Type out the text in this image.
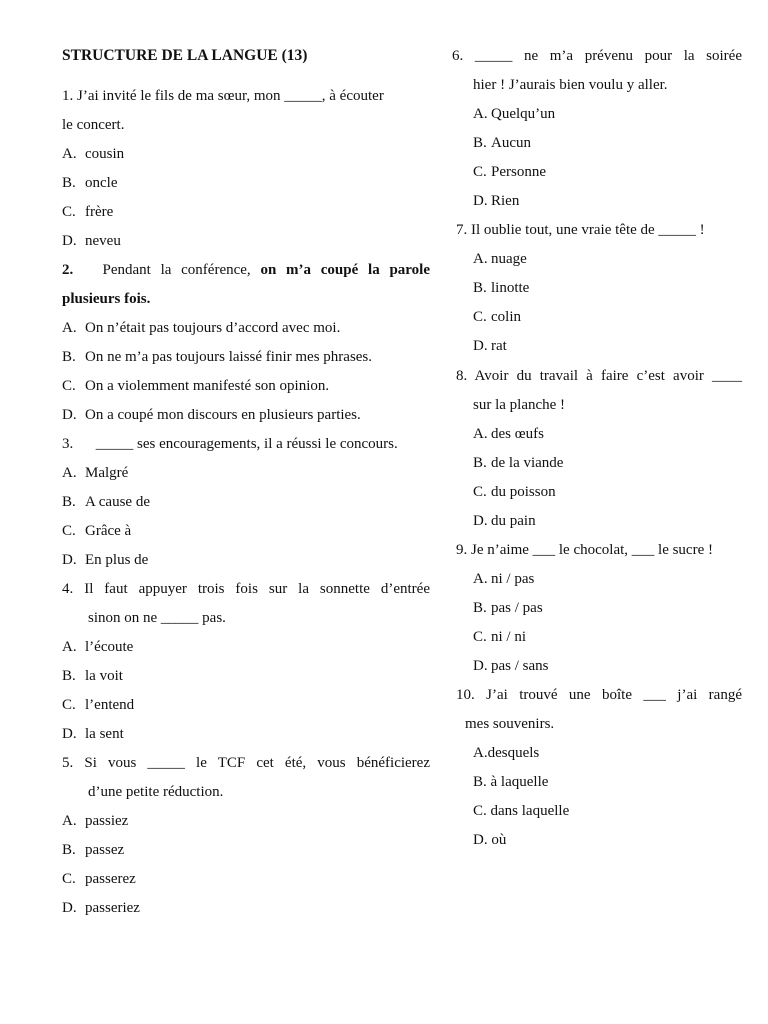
STRUCTURE DE LA LANGUE (13)
1. J’ai invité le fils de ma sœur, mon _____, à écouter
le concert.
A. cousin
B. oncle
C. frère
D. neveu
2. Pendant la conférence, on m’a coupé la parole
plusieurs fois.
A. On n’était pas toujours d’accord avec moi.
B. On ne m’a pas toujours laissé finir mes phrases.
C. On a violemment manifesté son opinion.
D. On a coupé mon discours en plusieurs parties.
3.      _____ ses encouragements, il a réussi le concours.
A. Malgré
B. A cause de
C. Grâce à
D. En plus de
4. Il faut appuyer trois fois sur la sonnette d’entrée
sinon on ne _____ pas.
A. l’écoute
B. la voit
C. l’entend
D. la sent
5. Si vous _____ le TCF cet été, vous bénéficierez
d’une petite réduction.
A. passiez
B. passez
C. passerez
D. passeriez
6. _____ ne m’a prévenu pour la soirée
hier ! J’aurais bien voulu y aller.
A. Quelqu’un
B. Aucun
C. Personne
D. Rien
7. Il oublie tout, une vraie tête de _____ !
A. nuage
B. linotte
C. colin
D. rat
8. Avoir du travail à faire c’est avoir ____
sur la planche !
A. des œufs
B. de la viande
C. du poisson
D. du pain
9. Je n’aime ___ le chocolat, ___ le sucre !
A. ni / pas
B. pas / pas
C. ni / ni
D. pas / sans
10. J’ai trouvé une boîte ___ j’ai rangé
mes souvenirs.
A.desquels
B. à laquelle
C. dans laquelle
D. où
